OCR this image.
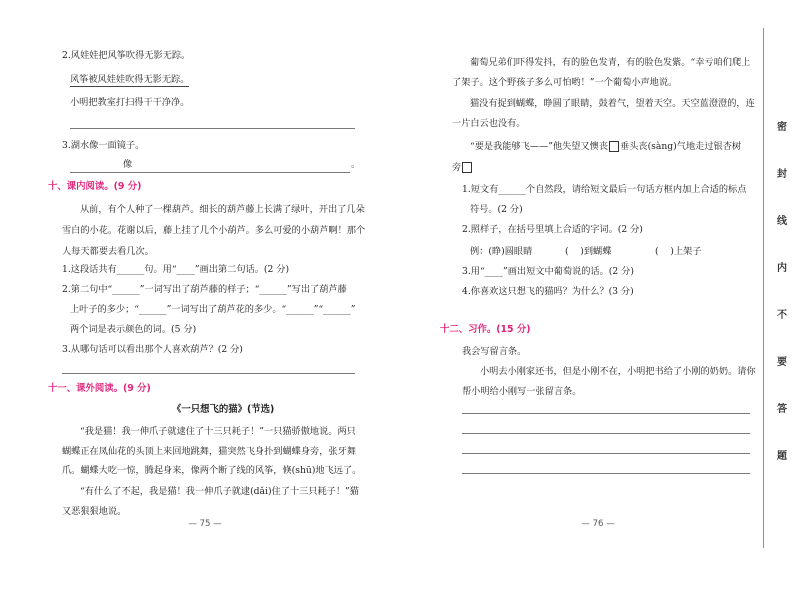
2.风娃娃把风筝吹得无影无踪。
风筝被风娃娃吹得无影无踪。
小明把教室打扫得干干净净。
3.湖水像一面镜子。
像	。
十、课内阅读。(9 分)
从前，有个人种了一棵葫芦。细长的葫芦藤上长满了绿叶，开出了几朵
雪白的小花。花谢以后，藤上挂了几个小葫芦。多么可爱的小葫芦啊！那个
人每天都要去看几次。
1.这段话共有______句。用“____”画出第二句话。(2 分)
2.第二句中“______”一词写出了葫芦藤的样子；“______”写出了葫芦藤
上叶子的多少；“______”一词写出了葫芦花的多少。“______”“______”
两个词是表示颜色的词。(5 分)
3.从哪句话可以看出那个人喜欢葫芦？(2 分)
十一、课外阅读。(9 分)
《一只想飞的猫》(节选)
“我是猫！我一伸爪子就逮住了十三只耗子！”一只猫骄傲地说。两只
蝴蝶正在凤仙花的头顶上来回地跳舞，猫突然飞身扑到蝴蝶身旁，张牙舞
爪。蝴蝶大吃一惊，腾起身来，像两个断了线的风筝，倏(shū)地飞远了。
“有什么了不起，我是猫！我一伸爪子就逮(dǎi)住了十三只耗子！”猫
又恶狠狠地说。
— 75 —
葡萄兄弟们吓得发抖，有的脸色发青，有的脸色发紫。“幸亏咱们爬上
了架子。这个野孩子多么可怕哟！”一个葡萄小声地说。
猫没有捉到蝴蝶，睁圆了眼睛，鼓着气，望着天空。天空蓝澄澄的，连
一片白云也没有。
“要是我能够飞——”他失望又懊丧 垂头丧(sàng)气地走过银杏树
旁
1.短文有______个自然段，请给短文最后一句话方框内加上合适的标点
符号。(2 分)
2.照样子，在括号里填上合适的字词。(2 分)
例：(睁)圆眼睛	(    )到蝴蝶	(    )上架子
3.用“____”画出短文中葡萄说的话。(2 分)
4.你喜欢这只想飞的猫吗？为什么？(3 分)
十二、习作。(15 分)
我会写留言条。
小明去小刚家还书，但是小刚不在，小明把书给了小刚的奶奶。请你
帮小明给小刚写一张留言条。
— 76 —
密
封
线
内
不
要
答
题
